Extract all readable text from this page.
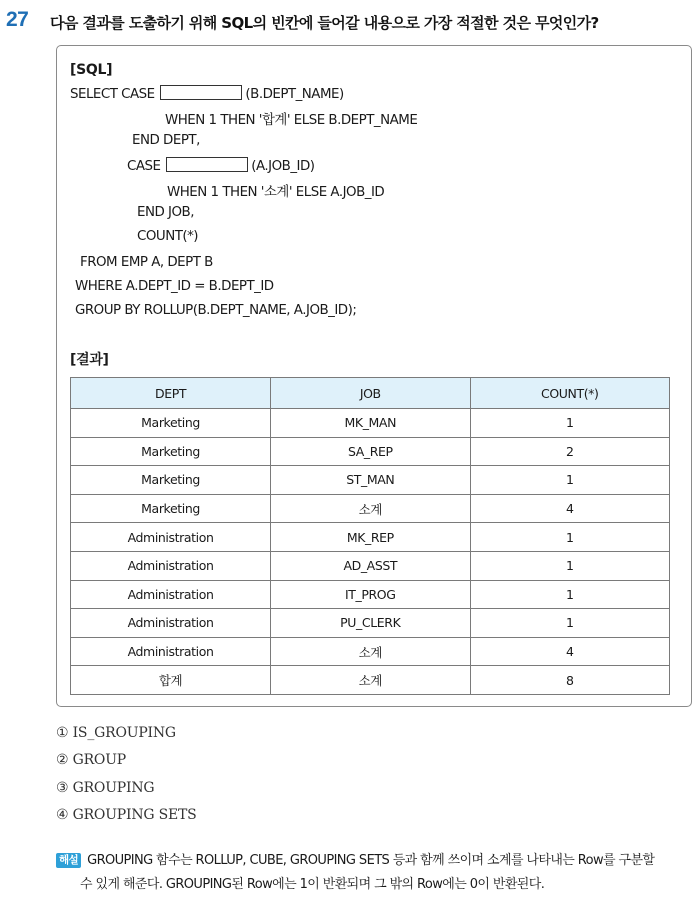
27 다음 결과를 도출하기 위해 SQL의 빈칸에 들어갈 내용으로 가장 적절한 것은 무엇인가?
[SQL]
SELECT CASE	(B.DEPT_NAME)
WHEN 1 THEN '합계' ELSE B.DEPT_NAME
END DEPT,
CASE	(A.JOB_ID)
WHEN 1 THEN '소계' ELSE A.JOB_ID
END JOB,
COUNT(*)
FROM EMP A, DEPT B
WHERE A.DEPT_ID = B.DEPT_ID
GROUP BY ROLLUP(B.DEPT_NAME, A.JOB_ID);
[결과]
DEPT	JOB	COUNT(*)
Marketing	MK_MAN	1
Marketing	SA_REP	2
Marketing	ST_MAN	1
Marketing	소계	4
Administration	MK_REP	1
Administration	AD_ASST	1
Administration	IT_PROG	1
Administration	PU_CLERK	1
Administration	소계	4
합계	소계	8
① IS_GROUPING
② GROUP
③ GROUPING
④ GROUPING SETS
해설 GROUPING 함수는 ROLLUP, CUBE, GROUPING SETS 등과 함께 쓰이며 소계를 나타내는 Row를 구분할
수 있게 해준다. GROUPING된 Row에는 1이 반환되며 그 밖의 Row에는 0이 반환된다.
